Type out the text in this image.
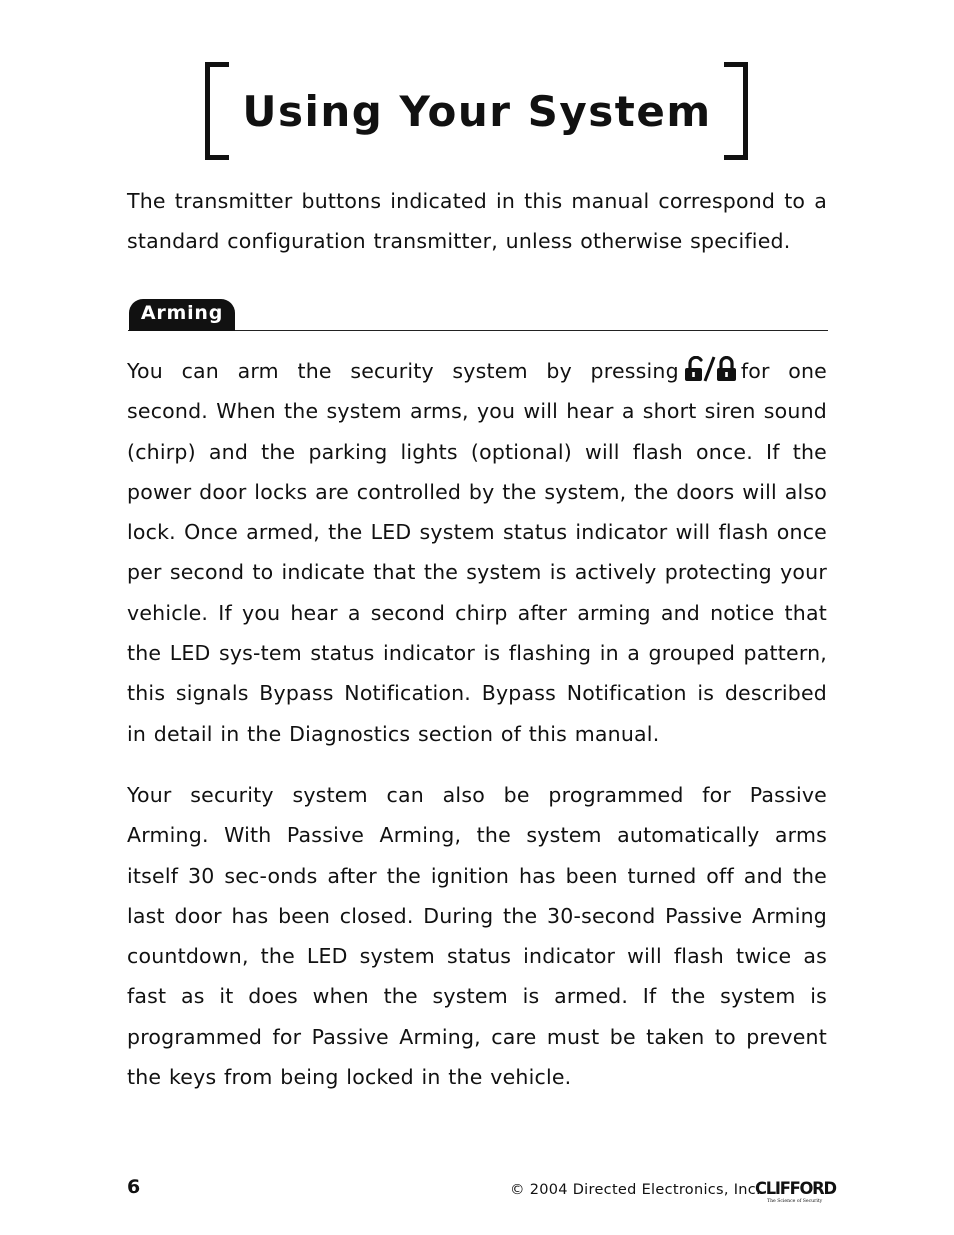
Using Your System

The transmitter buttons indicated in this manual correspond to a standard configuration transmitter, unless otherwise specified.

Arming

You can arm the security system by pressing	for one second. When the system arms, you will hear a short siren sound (chirp) and the parking lights (optional) will flash once. If the power door locks are controlled by the system, the doors will also lock. Once armed, the LED system status indicator will flash once per second to indicate that the system is actively protecting your vehicle. If you hear a second chirp after arming and notice that the LED sys-tem status indicator is flashing in a grouped pattern, this signals Bypass Notification. Bypass Notification is described in detail in the Diagnostics section of this manual.

Your security system can also be programmed for Passive Arming. With Passive Arming, the system automatically arms itself 30 sec-onds after the ignition has been turned off and the last door has been closed. During the 30-second Passive Arming countdown, the LED system status indicator will flash twice as fast as it does when the system is armed. If the system is programmed for Passive Arming, care must be taken to prevent the keys from being locked in the vehicle.

6	© 2004 Directed Electronics, Inc.

CLIFFORD
The Science of Security
